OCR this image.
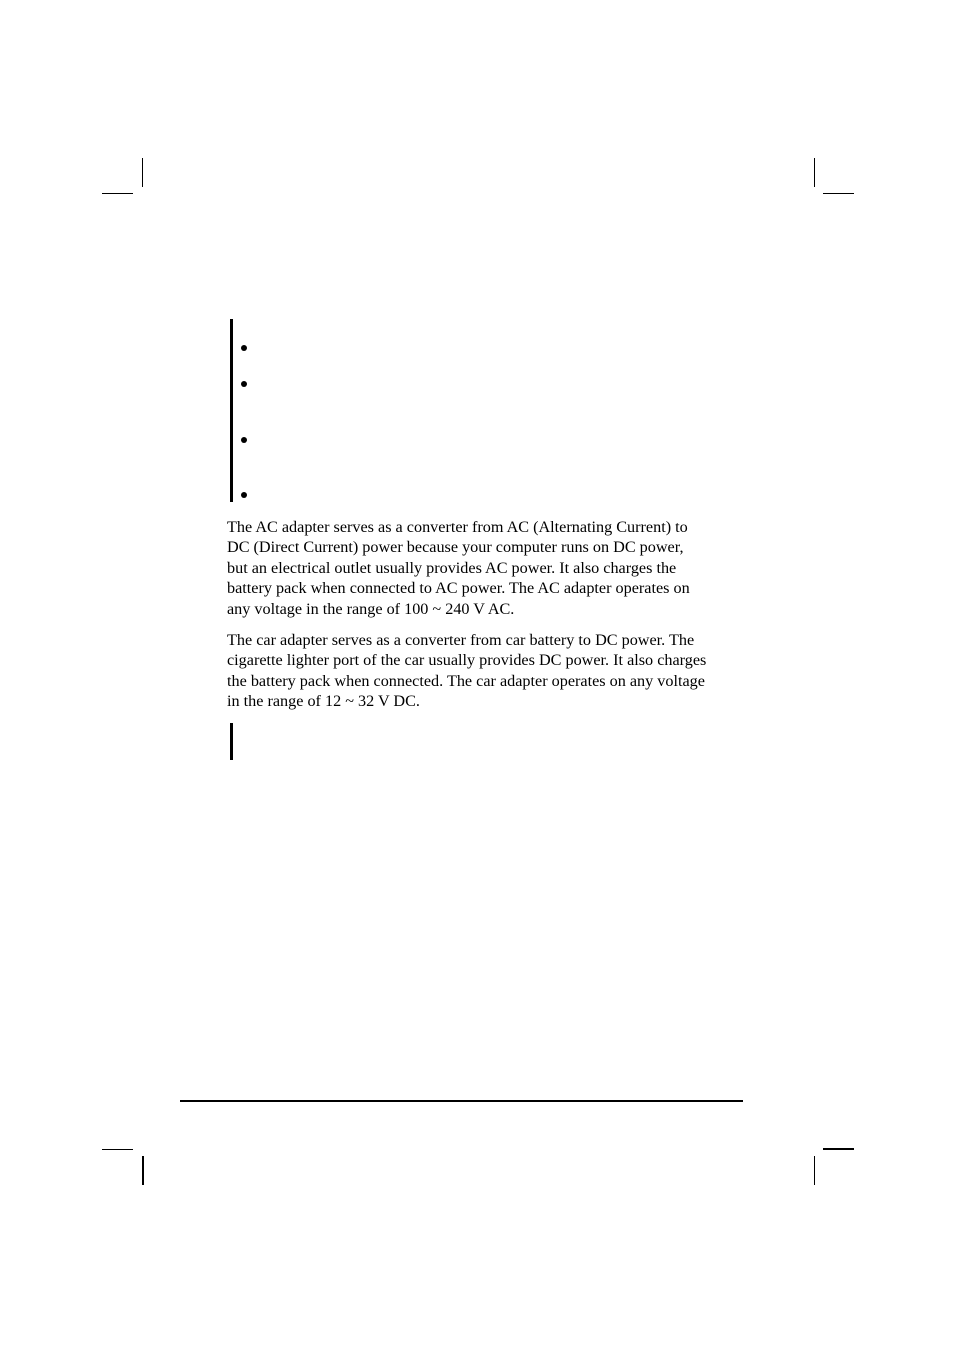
The AC adapter serves as a converter from AC (Alternating Current) to
DC (Direct Current) power because your computer runs on DC power,
but an electrical outlet usually provides AC power. It also charges the
battery pack when connected to AC power. The AC adapter operates on
any voltage in the range of 100 ~ 240 V AC.

The car adapter serves as a converter from car battery to DC power. The
cigarette lighter port of the car usually provides DC power. It also charges
the battery pack when connected. The car adapter operates on any voltage
in the range of 12 ~ 32 V DC.
